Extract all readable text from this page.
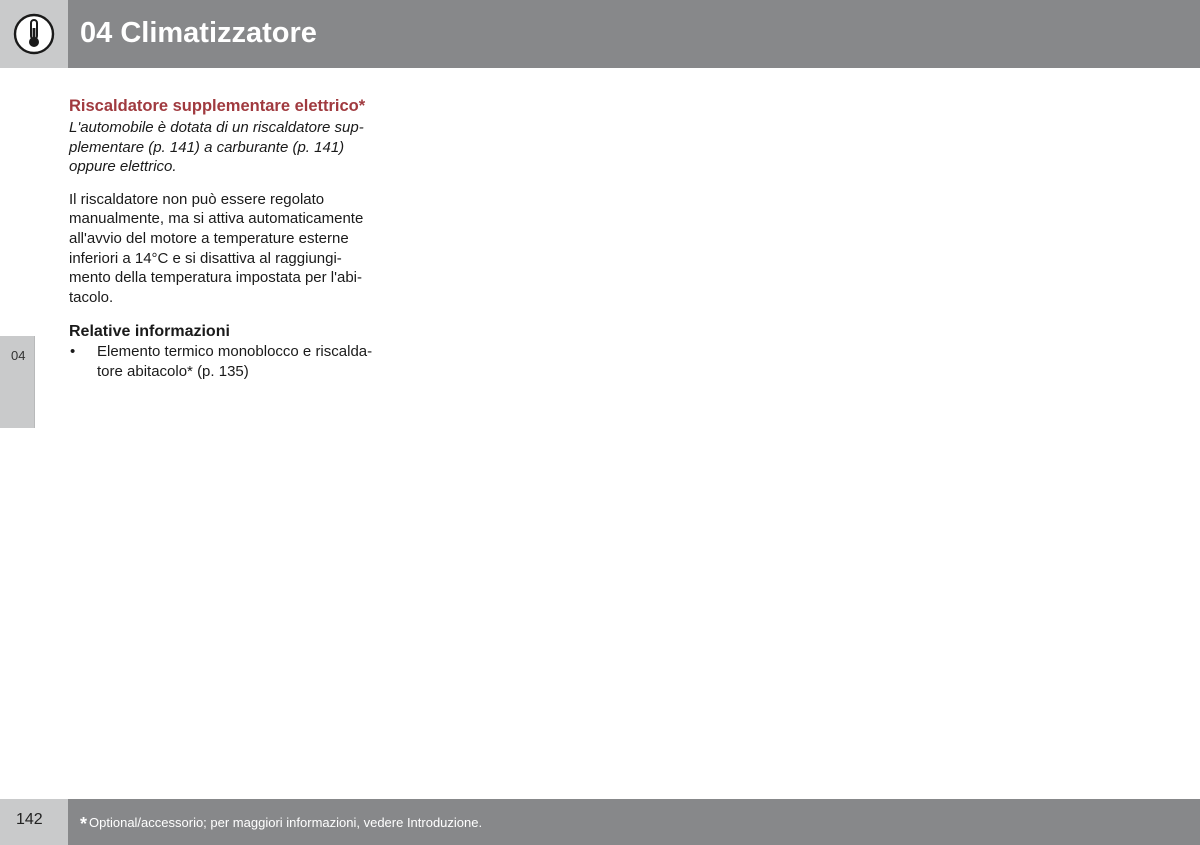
04 Climatizzatore
04
Riscaldatore supplementare elettrico*

L'automobile è dotata di un riscaldatore sup-
plementare (p. 141) a carburante (p. 141)
oppure elettrico.

Il riscaldatore non può essere regolato
manualmente, ma si attiva automaticamente
all'avvio del motore a temperature esterne
inferiori a 14°C e si disattiva al raggiungi-
mento della temperatura impostata per l'abi-
tacolo.

Relative informazioni
• Elemento termico monoblocco e riscalda-
tore abitacolo* (p. 135)
142 * Optional/accessorio; per maggiori informazioni, vedere Introduzione.
